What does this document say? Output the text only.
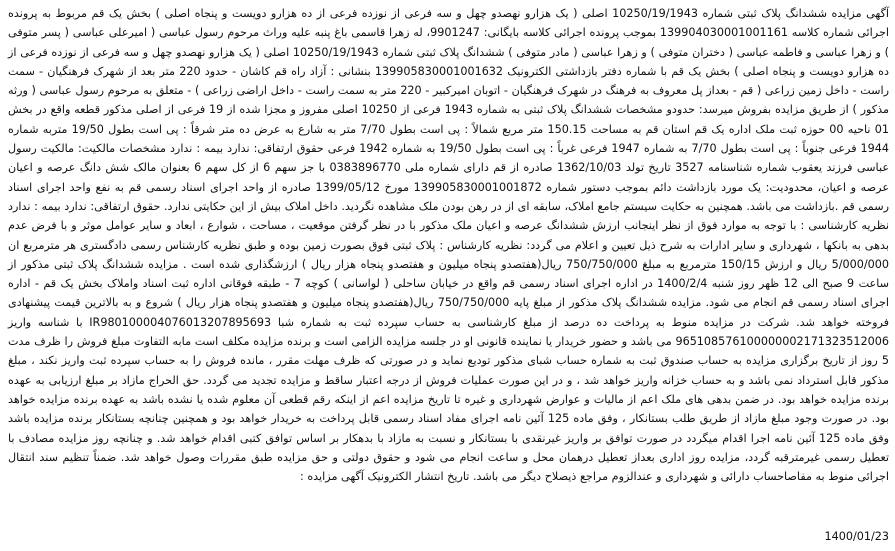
آگهی مزایده ششدانگ پلاک ثبتی شماره 10250/19/1943 اصلی ( یک هزارو نهصدو چهل و سه فرعی از نوزده فرعی از ده هزارو دویست و پنجاه اصلی ) بخش یک قم مربوط به پرونده اجرائی شماره کلاسه 139904030001001161 بموجب پرونده اجرائی کلاسه بایگانی: 9901247، له زهرا قاسمی باغ پنبه علیه وراث مرحوم رسول عباسی ( امیرعلی عباسی ( پسر متوفی ) و زهرا عباسی و فاطمه عباسی ( دختران متوفی ) و زهرا عباسی ( مادر متوفی ) ششدانگ پلاک ثبتی شماره 10250/19/1943 اصلی ( یک هزارو نهصدو چهل و سه فرعی از نوزده فرعی از ده هزارو دویست و پنجاه اصلی ) بخش یک قم با شماره دفتر بازداشتی الکترونیک 139905830001001632 بنشانی : آزاد راه قم کاشان - حدود 220 متر بعد از شهرک فرهنگیان - سمت راست - داخل زمین زراعی ( قم - بعداز پل معروف به فرهنگ در شهرک فرهنگیان - اتوبان امیرکبیر - 220 متر به سمت راست - داخل اراضی زراعی ) - متعلق به مرحوم رسول عباسی ( ورثه مذکور ) از طریق مزایده بفروش میرسد: حدودو مشخصات ششدانگ پلاک ثبتی به شماره 1943 فرعی از 10250 اصلی مفروز و مجزا شده از 19 فرعی از اصلی مذکور قطعه واقع در بخش 01 ناحیه 00 حوزه ثبت ملک اداره یک قم استان قم به مساحت 150.15 متر مربع شمالاً : پی است بطول 7/70 متر به شارع به عرض ده متر شرقاً : پی است بطول 19/50 متربه شماره 1944 فرعی جنوباً : پی است بطول 7/70 به شماره 1947 فرعی غرباً : پی است بطول 19/50 به شماره 1942 فرعی حقوق ارتفاقی: ندارد بیمه : ندارد مشخصات مالکیت: مالکیت رسول عباسی فرزند یعقوب شماره شناسنامه 3527 تاریخ تولد 1362/10/03 صادره از قم دارای شماره ملی 0383896770 با جز سهم 6 از کل سهم 6 بعنوان مالک شش دانگ عرصه و اعیان عرصه و اعیان، محدودیت: یک مورد بازداشت دائم بموجب دستور شماره 139905830001001872 مورخ 1399/05/12 صادره از واحد اجرای اسناد رسمی قم به نفع واحد اجرای اسناد رسمی قم .بازداشت می باشد. همچنین به حکایت سیستم جامع املاک، سابقه ای از در رهن بودن ملک مشاهده نگردید. داخل املاک بیش از این حکایتی ندارد. حقوق ارتفاقی: ندارد بیمه : ندارد نظریه کارشناسی : با توجه به موارد فوق از نظر اینجانب ارزش ششدانگ عرصه و اعیان ملک مذکور با در نظر گرفتن موقعیت ، مساحت ، شوارع ، ابعاد و سایر عوامل موثر و با فرض عدم بدهی به بانکها ، شهرداری و سایر ادارات به شرح ذیل تعیین و اعلام می گردد: نظریه کارشناس : پلاک ثبتی فوق بصورت زمین بوده و طبق نظریه کارشناس رسمی دادگستری هر مترمربع ان 5/000/000 ریال و ارزش 150/15 مترمربع به مبلغ 750/750/000 ریال(هفتصدو پنجاه میلیون و هفتصدو پنجاه هزار ریال ) ارزشگذاری شده است . مزایده ششدانگ پلاک ثبتی مذکور از ساعت 9 صبح الی 12 ظهر روز شنبه 1400/2/4 در اداره اجرای اسناد رسمی قم واقع در خیابان ساحلی ( لواسانی ) کوچه 7 - طبقه فوقانی اداره ثبت اسناد واملاک بخش یک قم - اداره اجرای اسناد رسمی قم انجام می شود. مزایده ششدانگ پلاک مذکور از مبلغ پایه 750/750/000 ریال(هفتصدو پنجاه میلیون و هفتصدو پنجاه هزار ریال ) شروع و به بالاترین قیمت پیشنهادی فروخته خواهد شد. شرکت در مزایده منوط به پرداخت ده درصد از مبلغ کارشناسی به حساب سپرده ثبت به شماره شبا IR980100004076013207895693 با شناسه واریز 965108576100000002171323512006 می باشد و حضور خریدار یا نماینده قانونی او در جلسه مزایده الزامی است و برنده مزایده مکلف است مابه التفاوت مبلغ فروش را ظرف مدت 5 روز از تاریخ برگزاری مزایده به حساب صندوق ثبت به شماره حساب شبای مذکور تودیع نماید و در صورتی که ظرف مهلت مقرر ، مانده فروش را به حساب سپرده ثبت واریز نکند ، مبلغ مذکور قابل استرداد نمی باشد و به حساب خزانه واریز خواهد شد ، و در این صورت عملیات فروش از درجه اعتبار ساقط و مزایده تجدید می گردد. حق الحراج مازاد بر مبلغ ارزیابی به عهده برنده مزایده خواهد بود. در ضمن بدهی های ملک اعم از مالیات و عوارض شهرداری و غیره تا تاریخ مزایده اعم از اینکه رقم قطعی آن معلوم شده یا نشده باشد به عهده برنده مزایده خواهد بود. در صورت وجود مبلغ مازاد از طریق طلب بستانکار ، وفق ماده 125 آئین نامه اجرای مفاد اسناد رسمی قابل پرداخت به خریدار خواهد بود و همچنین چنانچه بستانکار برنده مزایده باشد وفق ماده 125 آئین نامه اجرا اقدام میگردد در صورت توافق بر واریز غیرنقدی با بستانکار و نسبت به مازاد با بدهکار بر اساس توافق کتبی اقدام خواهد شد. و چنانچه روز مزایده مصادف با تعطیل رسمی غیرمترقبه گردد، مزایده روز اداری بعداز تعطیل درهمان محل و ساعت انجام می شود و حقوق دولتی و حق مزایده طبق مقررات وصول خواهد شد. ضمناً تنظیم سند انتقال اجرائی منوط به مفاصاحساب دارائی و شهرداری و عندالزوم مراجع ذیصلاح دیگر می باشد. تاریخ انتشار الکترونیک آگهی مزایده :

1400/01/23
